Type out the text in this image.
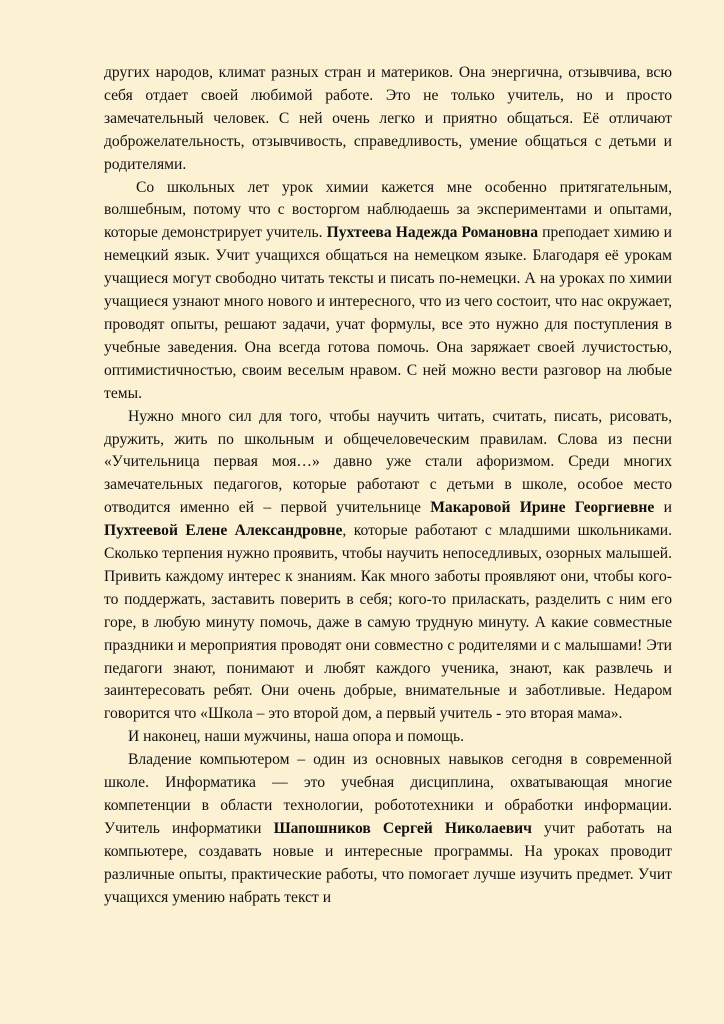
других народов, климат разных стран и материков. Она энергична, отзывчива, всю себя отдает своей любимой работе. Это не только учитель, но и просто замечательный человек. С ней очень легко и приятно общаться. Её отличают доброжелательность, отзывчивость, справедливость, умение общаться с детьми и родителями.

Со школьных лет урок химии кажется мне особенно притягательным, волшебным, потому что с восторгом наблюдаешь за экспериментами и опытами, которые демонстрирует учитель. Пухтеева Надежда Романовна преподает химию и немецкий язык. Учит учащихся общаться на немецком языке. Благодаря её урокам учащиеся могут свободно читать тексты и писать по-немецки. А на уроках по химии учащиеся узнают много нового и интересного, что из чего состоит, что нас окружает, проводят опыты, решают задачи, учат формулы, все это нужно для поступления в учебные заведения. Она всегда готова помочь. Она заряжает своей лучистостью, оптимистичностью, своим веселым нравом. С ней можно вести разговор на любые темы.

Нужно много сил для того, чтобы научить читать, считать, писать, рисовать, дружить, жить по школьным и общечеловеческим правилам. Слова из песни «Учительница первая моя…» давно уже стали афоризмом. Среди многих замечательных педагогов, которые работают с детьми в школе, особое место отводится именно ей – первой учительнице Макаровой Ирине Георгиевне и Пухтеевой Елене Александровне, которые работают с младшими школьниками. Сколько терпения нужно проявить, чтобы научить непоседливых, озорных малышей. Привить каждому интерес к знаниям. Как много заботы проявляют они, чтобы кого-то поддержать, заставить поверить в себя; кого-то приласкать, разделить с ним его горе, в любую минуту помочь, даже в самую трудную минуту. А какие совместные праздники и мероприятия проводят они совместно с родителями и с малышами! Эти педагоги знают, понимают и любят каждого ученика, знают, как развлечь и заинтересовать ребят. Они очень добрые, внимательные и заботливые. Недаром говорится что «Школа – это второй дом, а первый учитель - это вторая мама».

И наконец, наши мужчины, наша опора и помощь.

Владение компьютером – один из основных навыков сегодня в современной школе. Информатика — это учебная дисциплина, охватывающая многие компетенции в области технологии, робототехники и обработки информации. Учитель информатики Шапошников Сергей Николаевич учит работать на компьютере, создавать новые и интересные программы. На уроках проводит различные опыты, практические работы, что помогает лучше изучить предмет. Учит учащихся умению набрать текст и
